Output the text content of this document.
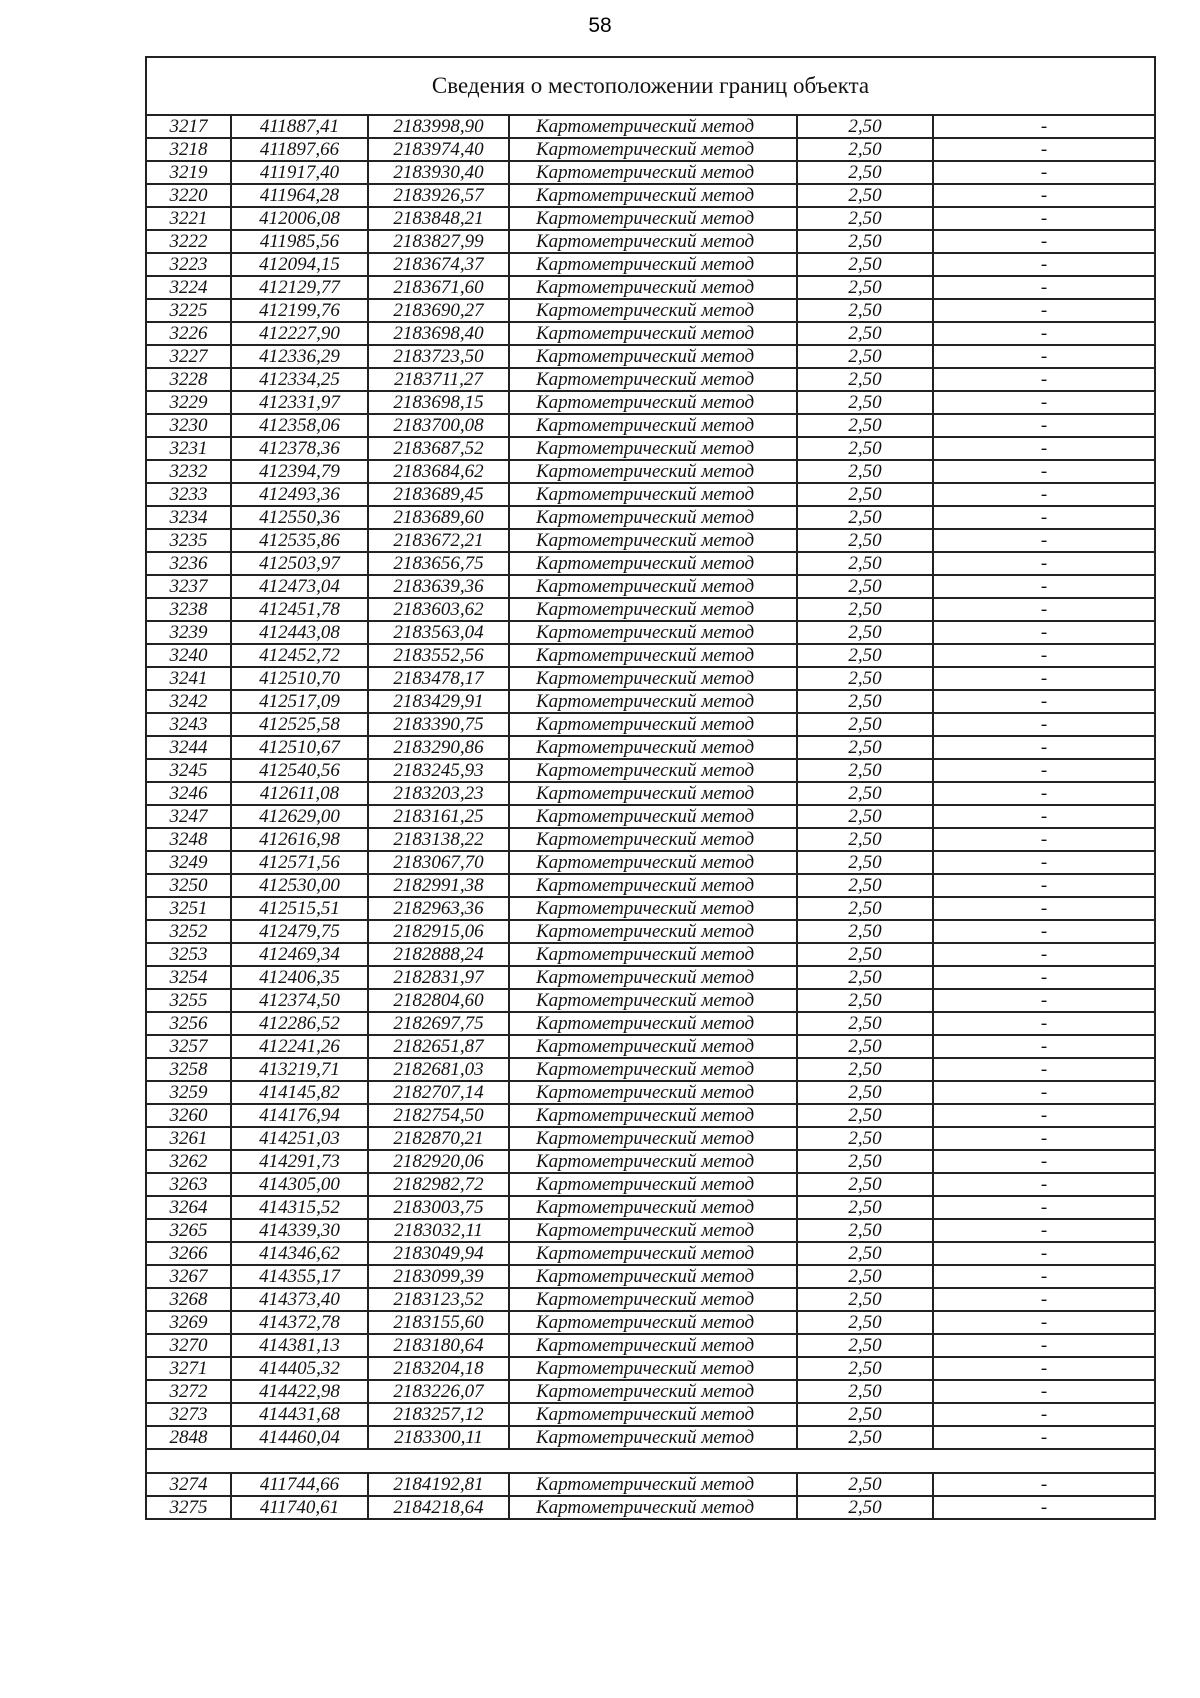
58
Сведения о местоположении границ объекта					
3217	411887,41	2183998,90	Картометрический метод	2,50	-
3218	411897,66	2183974,40	Картометрический метод	2,50	-
3219	411917,40	2183930,40	Картометрический метод	2,50	-
3220	411964,28	2183926,57	Картометрический метод	2,50	-
3221	412006,08	2183848,21	Картометрический метод	2,50	-
3222	411985,56	2183827,99	Картометрический метод	2,50	-
3223	412094,15	2183674,37	Картометрический метод	2,50	-
3224	412129,77	2183671,60	Картометрический метод	2,50	-
3225	412199,76	2183690,27	Картометрический метод	2,50	-
3226	412227,90	2183698,40	Картометрический метод	2,50	-
3227	412336,29	2183723,50	Картометрический метод	2,50	-
3228	412334,25	2183711,27	Картометрический метод	2,50	-
3229	412331,97	2183698,15	Картометрический метод	2,50	-
3230	412358,06	2183700,08	Картометрический метод	2,50	-
3231	412378,36	2183687,52	Картометрический метод	2,50	-
3232	412394,79	2183684,62	Картометрический метод	2,50	-
3233	412493,36	2183689,45	Картометрический метод	2,50	-
3234	412550,36	2183689,60	Картометрический метод	2,50	-
3235	412535,86	2183672,21	Картометрический метод	2,50	-
3236	412503,97	2183656,75	Картометрический метод	2,50	-
3237	412473,04	2183639,36	Картометрический метод	2,50	-
3238	412451,78	2183603,62	Картометрический метод	2,50	-
3239	412443,08	2183563,04	Картометрический метод	2,50	-
3240	412452,72	2183552,56	Картометрический метод	2,50	-
3241	412510,70	2183478,17	Картометрический метод	2,50	-
3242	412517,09	2183429,91	Картометрический метод	2,50	-
3243	412525,58	2183390,75	Картометрический метод	2,50	-
3244	412510,67	2183290,86	Картометрический метод	2,50	-
3245	412540,56	2183245,93	Картометрический метод	2,50	-
3246	412611,08	2183203,23	Картометрический метод	2,50	-
3247	412629,00	2183161,25	Картометрический метод	2,50	-
3248	412616,98	2183138,22	Картометрический метод	2,50	-
3249	412571,56	2183067,70	Картометрический метод	2,50	-
3250	412530,00	2182991,38	Картометрический метод	2,50	-
3251	412515,51	2182963,36	Картометрический метод	2,50	-
3252	412479,75	2182915,06	Картометрический метод	2,50	-
3253	412469,34	2182888,24	Картометрический метод	2,50	-
3254	412406,35	2182831,97	Картометрический метод	2,50	-
3255	412374,50	2182804,60	Картометрический метод	2,50	-
3256	412286,52	2182697,75	Картометрический метод	2,50	-
3257	412241,26	2182651,87	Картометрический метод	2,50	-
3258	413219,71	2182681,03	Картометрический метод	2,50	-
3259	414145,82	2182707,14	Картометрический метод	2,50	-
3260	414176,94	2182754,50	Картометрический метод	2,50	-
3261	414251,03	2182870,21	Картометрический метод	2,50	-
3262	414291,73	2182920,06	Картометрический метод	2,50	-
3263	414305,00	2182982,72	Картометрический метод	2,50	-
3264	414315,52	2183003,75	Картометрический метод	2,50	-
3265	414339,30	2183032,11	Картометрический метод	2,50	-
3266	414346,62	2183049,94	Картометрический метод	2,50	-
3267	414355,17	2183099,39	Картометрический метод	2,50	-
3268	414373,40	2183123,52	Картометрический метод	2,50	-
3269	414372,78	2183155,60	Картометрический метод	2,50	-
3270	414381,13	2183180,64	Картометрический метод	2,50	-
3271	414405,32	2183204,18	Картометрический метод	2,50	-
3272	414422,98	2183226,07	Картометрический метод	2,50	-
3273	414431,68	2183257,12	Картометрический метод	2,50	-
2848	414460,04	2183300,11	Картометрический метод	2,50	-

3274	411744,66	2184192,81	Картометрический метод	2,50	-
3275	411740,61	2184218,64	Картометрический метод	2,50	-
